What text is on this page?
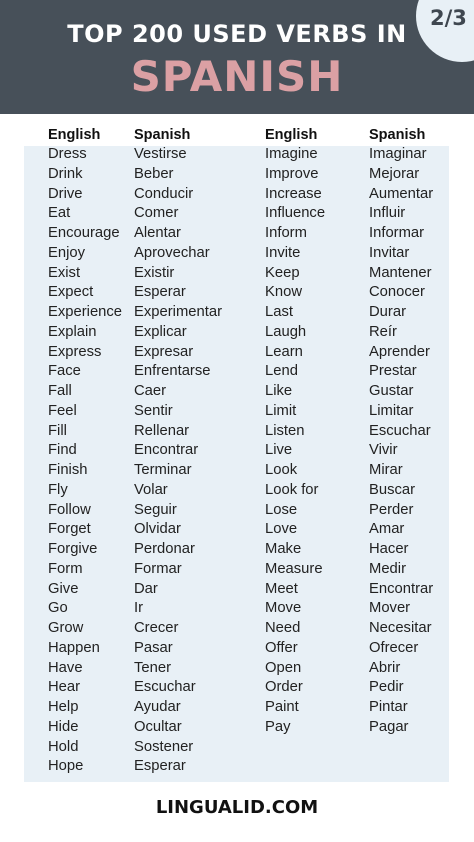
TOP 200 USED VERBS IN
SPANISH
2/3
English
Dress
Drink
Drive
Eat
Encourage
Enjoy
Exist
Expect
Experience
Explain
Express
Face
Fall
Feel
Fill
Find
Finish
Fly
Follow
Forget
Forgive
Form
Give
Go
Grow
Happen
Have
Hear
Help
Hide
Hold
Hope
Spanish
Vestirse
Beber
Conducir
Comer
Alentar
Aprovechar
Existir
Esperar
Experimentar
Explicar
Expresar
Enfrentarse
Caer
Sentir
Rellenar
Encontrar
Terminar
Volar
Seguir
Olvidar
Perdonar
Formar
Dar
Ir
Crecer
Pasar
Tener
Escuchar
Ayudar
Ocultar
Sostener
Esperar
English
Imagine
Improve
Increase
Influence
Inform
Invite
Keep
Know
Last
Laugh
Learn
Lend
Like
Limit
Listen
Live
Look
Look for
Lose
Love
Make
Measure
Meet
Move
Need
Offer
Open
Order
Paint
Pay
Spanish
Imaginar
Mejorar
Aumentar
Influir
Informar
Invitar
Mantener
Conocer
Durar
Reír
Aprender
Prestar
Gustar
Limitar
Escuchar
Vivir
Mirar
Buscar
Perder
Amar
Hacer
Medir
Encontrar
Mover
Necesitar
Ofrecer
Abrir
Pedir
Pintar
Pagar
LINGUALID.COM
